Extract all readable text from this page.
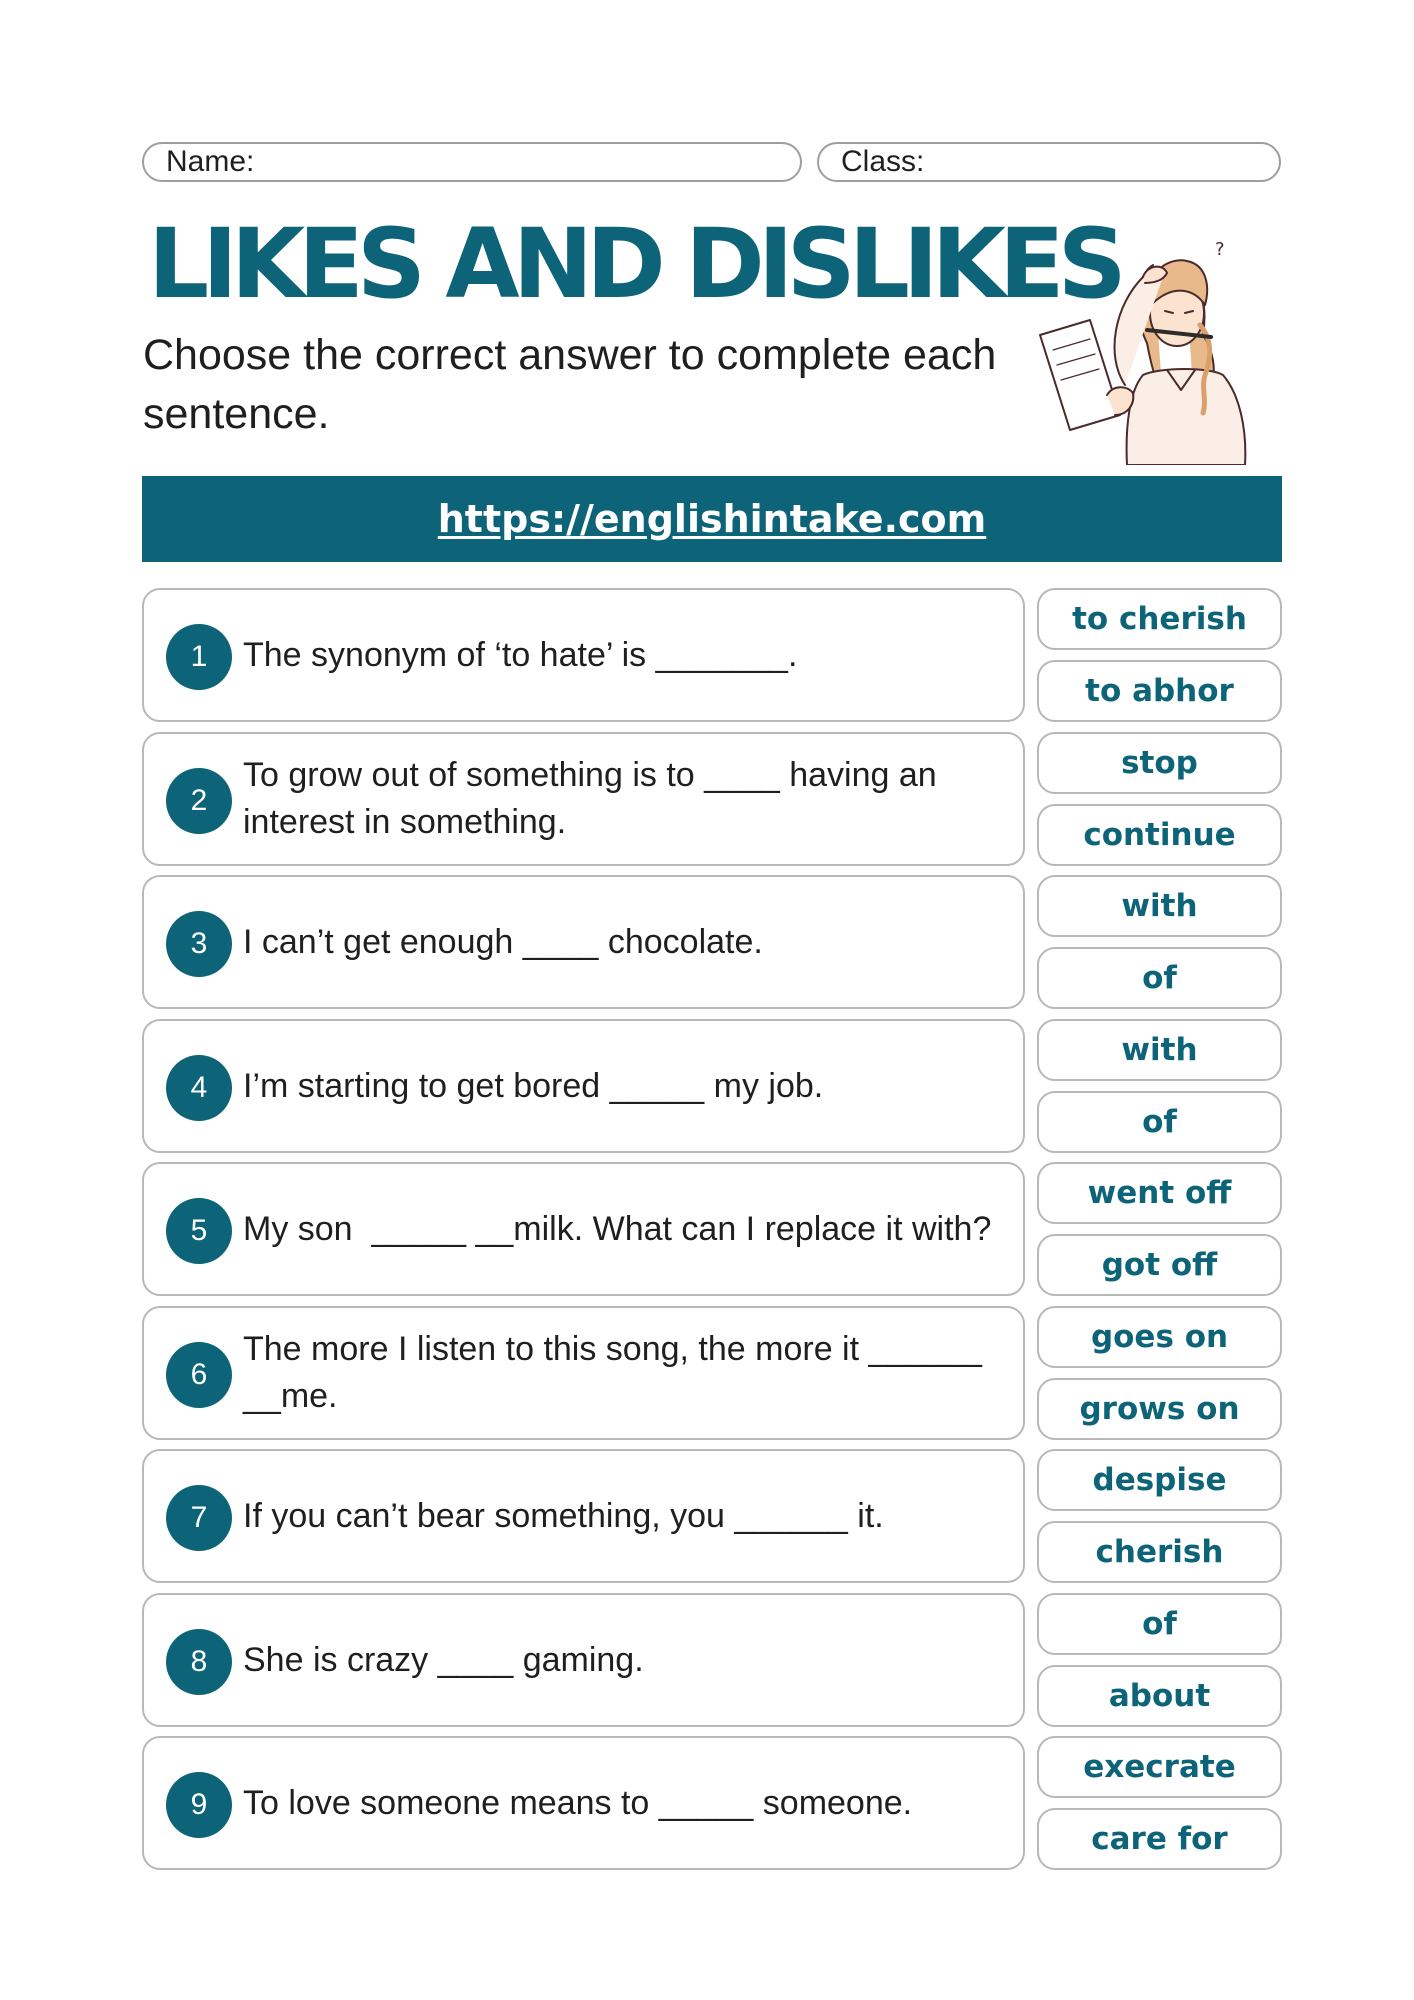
Name:	Class:
LIKES AND DISLIKES

Choose the correct answer to complete each sentence.

?
https://englishintake.com
1	The synonym of ‘to hate’ is _______.
to cherish
to abhor
2
To grow out of something is to ____ having an interest in something.
stop
continue
3	I can’t get enough ____ chocolate.
with
of
4	I’m starting to get bored _____ my job.
with
of
5	My son  _____ __milk. What can I replace it with?
went off
got off
6
The more I listen to this song, the more it ______ __me.
goes on
grows on
7	If you can’t bear something, you ______ it.
despise
cherish
8	She is crazy ____ gaming.
of
about
9	To love someone means to _____ someone.
execrate
care for
